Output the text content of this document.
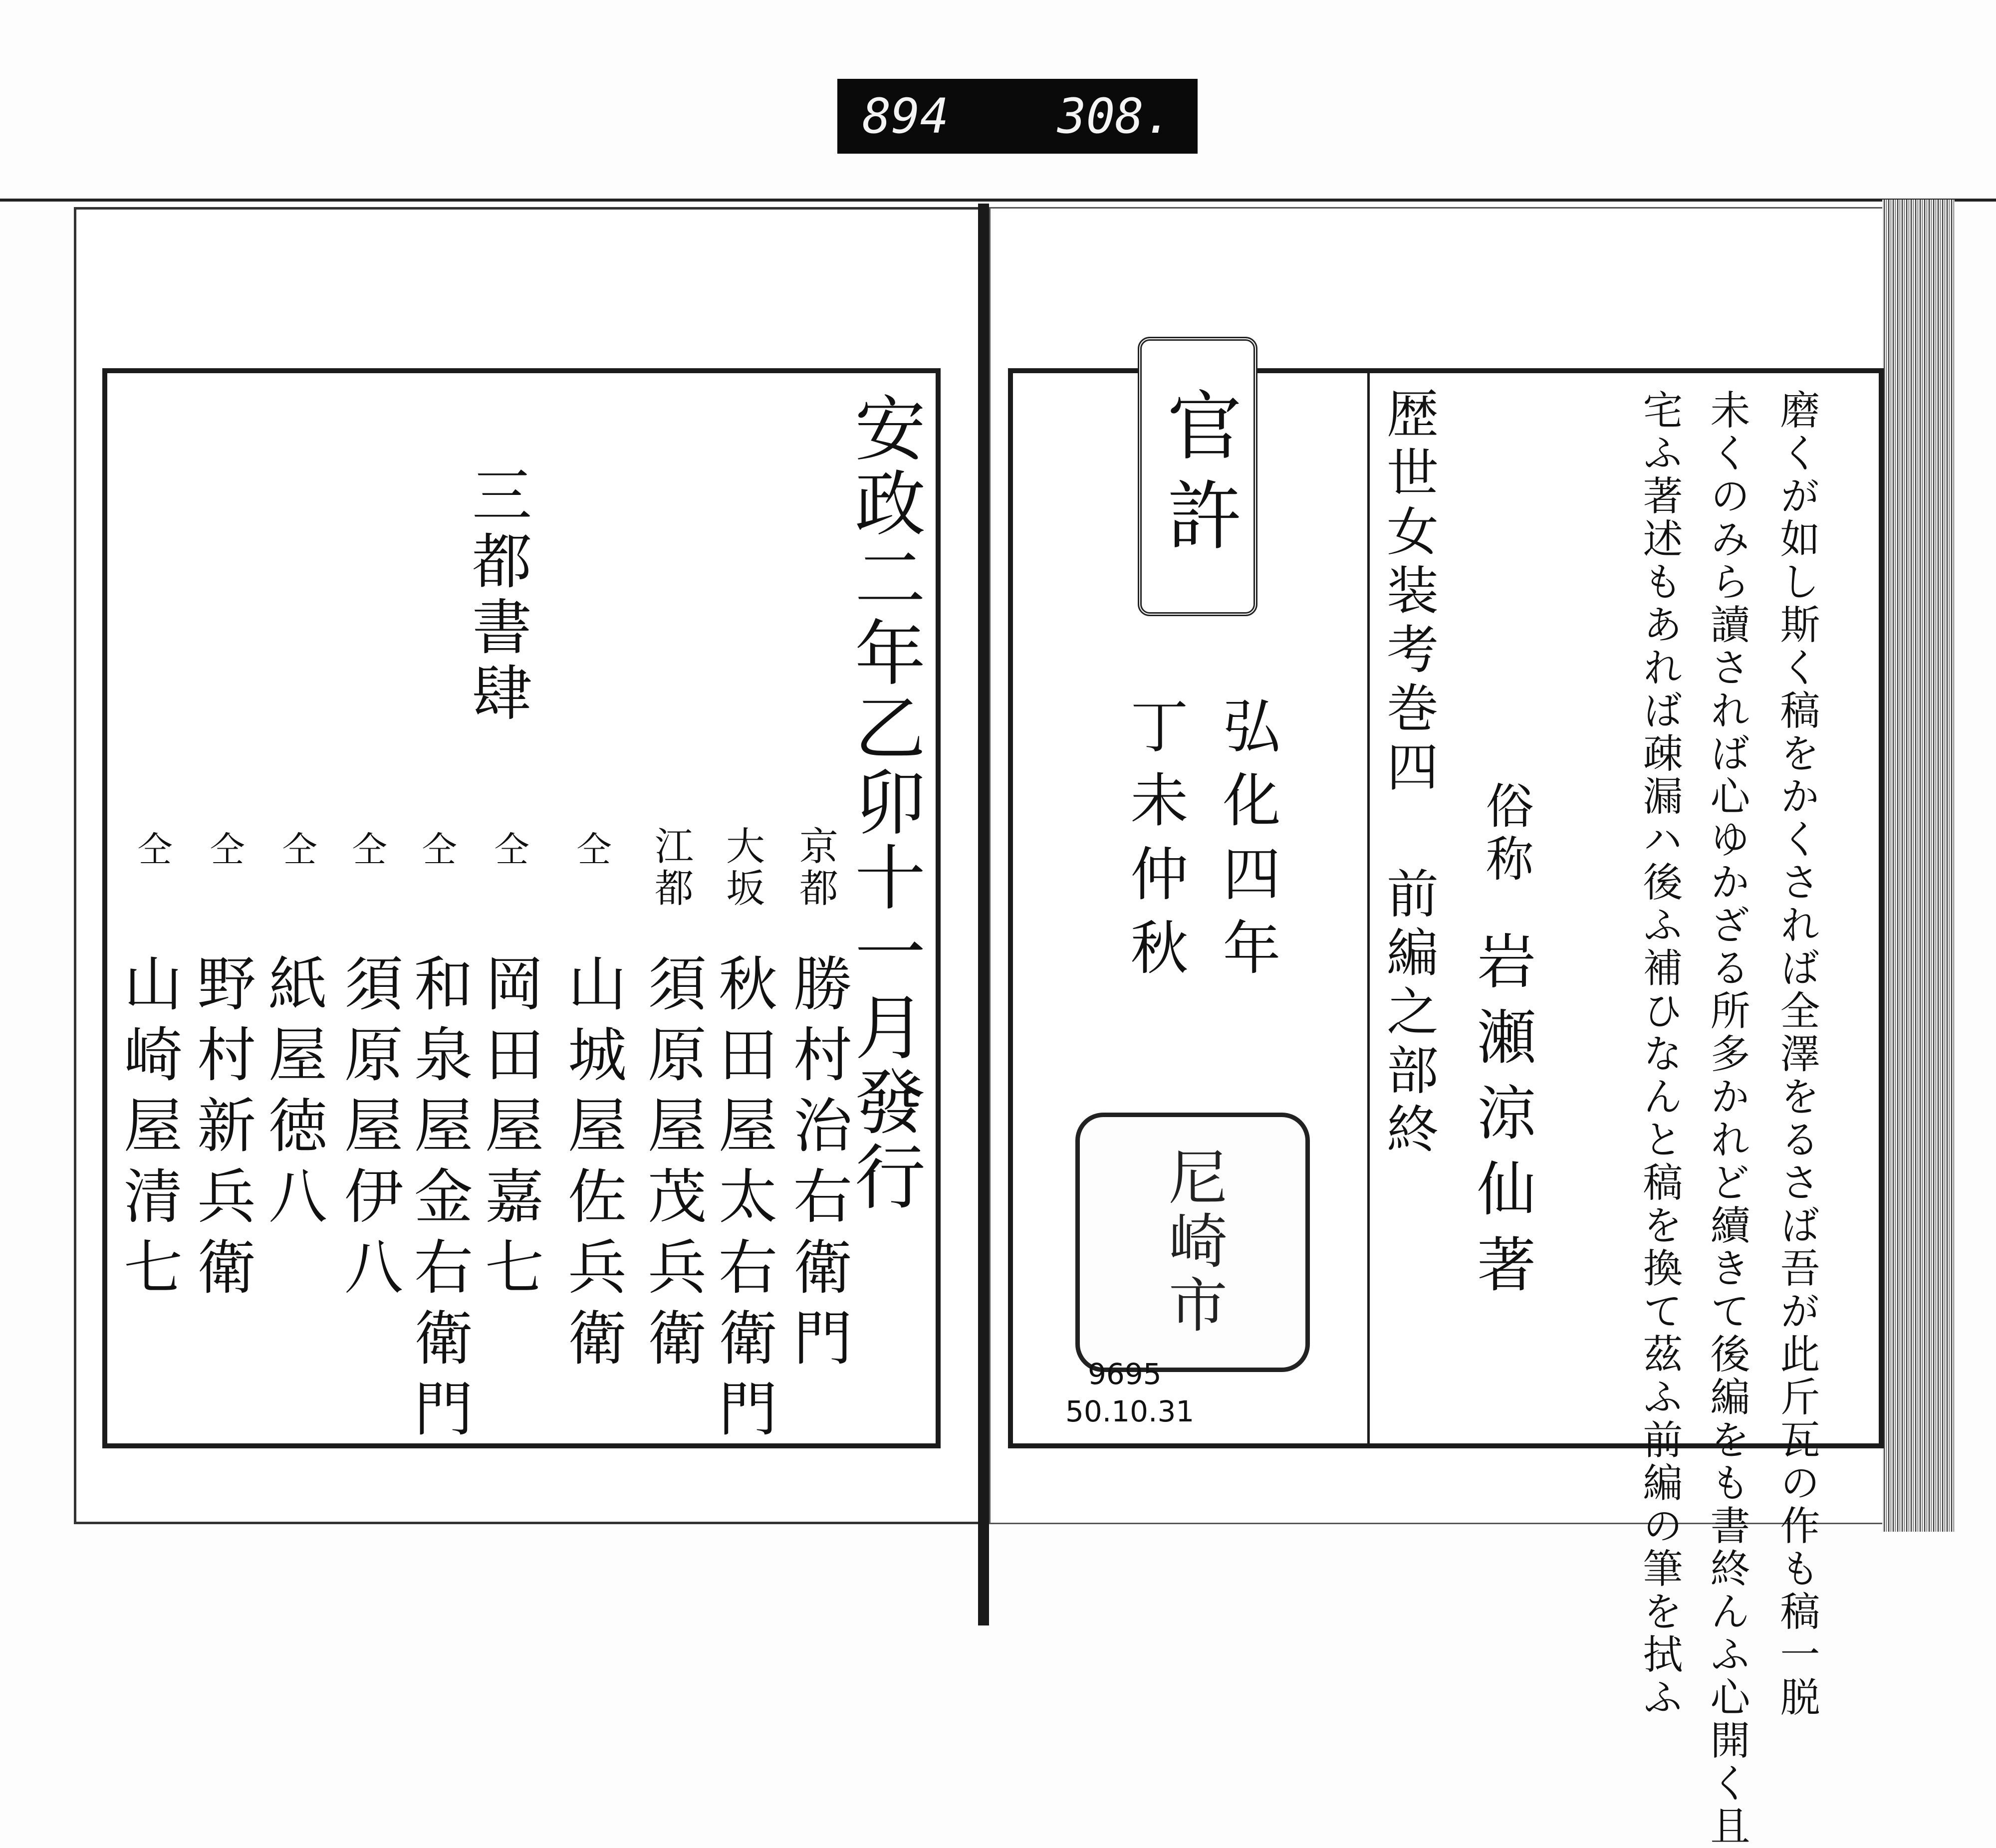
894 308.
三都書肆	安政二年乙卯十一月發行
京都
勝村治右衛門
大坂
秋田屋太右衛門
江都
須原屋茂兵衛
仝
山城屋佐兵衛
仝
岡田屋嘉七
仝
和泉屋金右衛門
仝
須原屋伊八
仝
紙屋徳八
仝
野村新兵衛
仝
山崎屋清七
官許
弘化四年
丁未仲秋
尼崎市
9695
50.10.31
歴世女装考巻四 前編之部終 俗称
岩瀬涼仙著	磨くが如し斯く稿をかくされば全澤をるさば吾が此斤瓦の作も稿一脱
未くのみら讀されば心ゆかざる所多かれど續きて後編をも書終んふ心開く且
宅ふ著述もあれば疎漏ハ後ふ補ひなんと稿を換て茲ふ前編の筆を拭ふ
